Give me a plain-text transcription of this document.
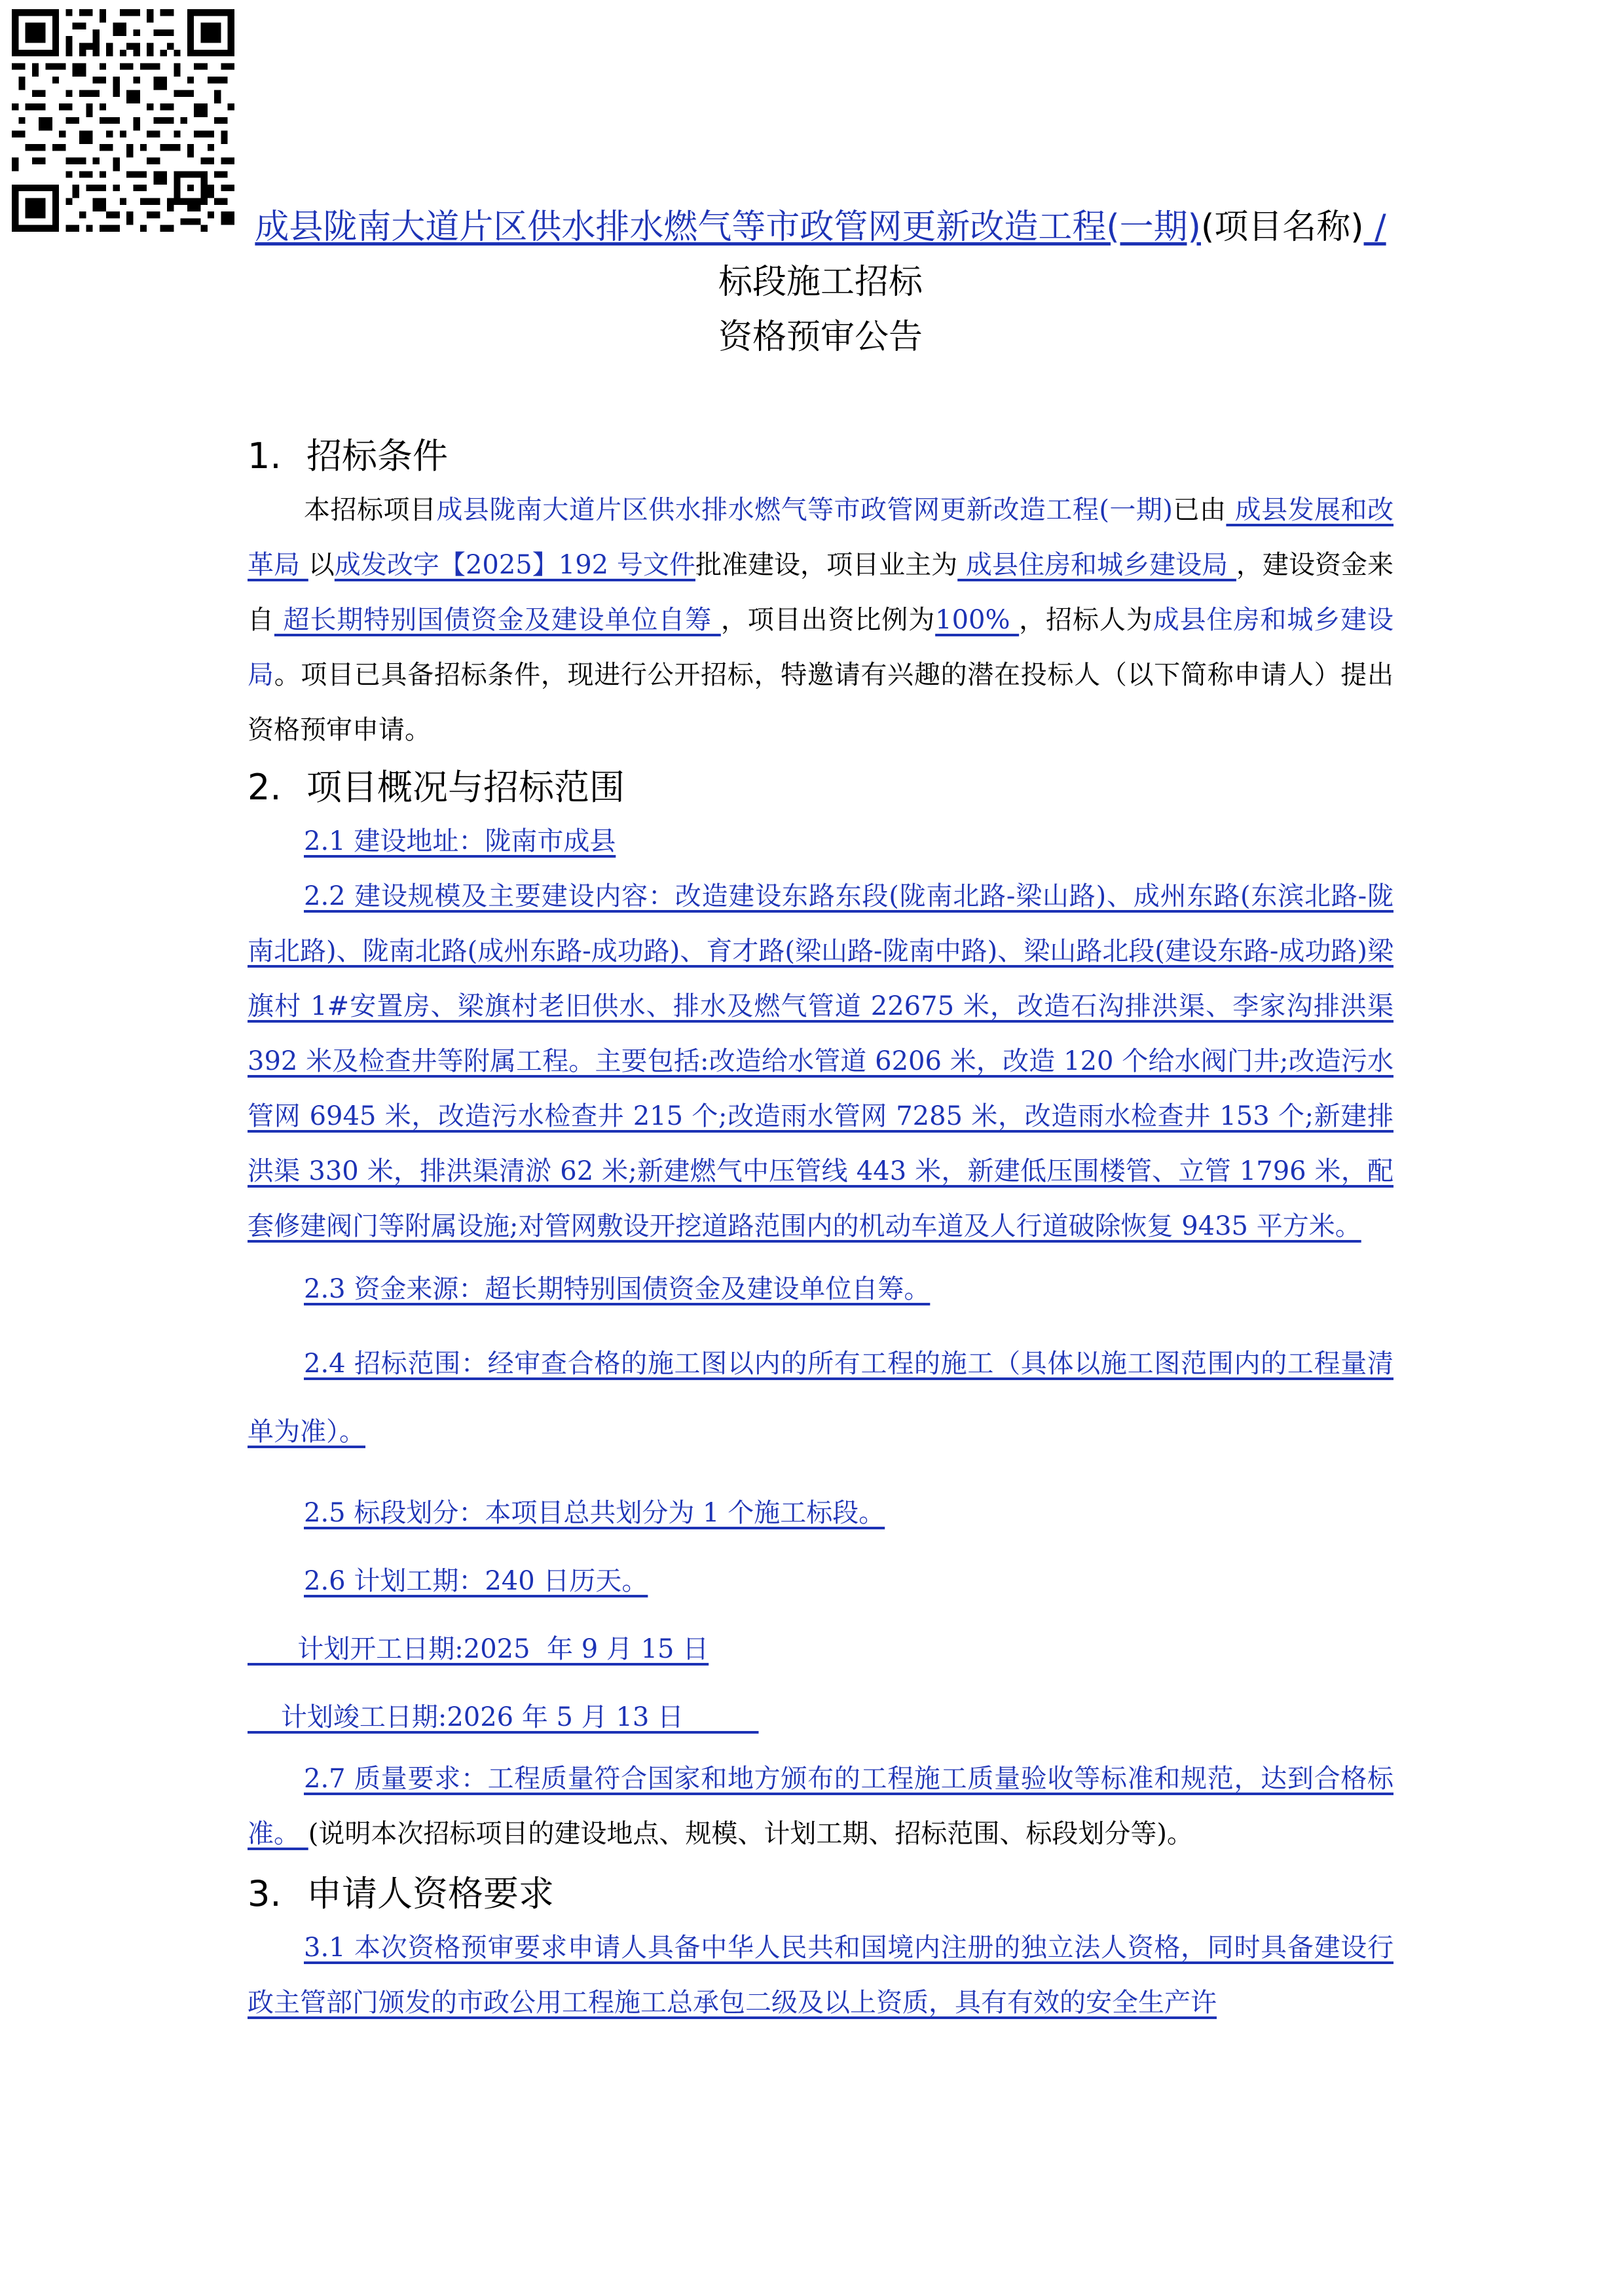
成县陇南大道片区供水排水燃气等市政管网更新改造工程(一期)(项目名称) / 标段施工招标
资格预审公告
1. 招标条件

本招标项目成县陇南大道片区供水排水燃气等市政管网更新改造工程(一期)已由 成县发展和改革局 以成发改字【2025】192 号文件批准建设，项目业主为 成县住房和城乡建设局 ，建设资金来自 超长期特别国债资金及建设单位自筹 ，项目出资比例为100% ，招标人为成县住房和城乡建设局。项目已具备招标条件，现进行公开招标，特邀请有兴趣的潜在投标人（以下简称申请人）提出资格预审申请。

2. 项目概况与招标范围

2.1 建设地址：陇南市成县

2.2 建设规模及主要建设内容：改造建设东路东段(陇南北路-梁山路)、成州东路(东滨北路-陇南北路)、陇南北路(成州东路-成功路)、育才路(梁山路-陇南中路)、梁山路北段(建设东路-成功路)梁旗村 1#安置房、梁旗村老旧供水、排水及燃气管道 22675 米，改造石沟排洪渠、李家沟排洪渠 392 米及检查井等附属工程。主要包括:改造给水管道 6206 米，改造 120 个给水阀门井;改造污水管网 6945 米，改造污水检查井 215 个;改造雨水管网 7285 米，改造雨水检查井 153 个;新建排洪渠 330 米，排洪渠清淤 62 米;新建燃气中压管线 443 米，新建低压围楼管、立管 1796 米，配套修建阀门等附属设施;对管网敷设开挖道路范围内的机动车道及人行道破除恢复 9435 平方米。

2.3 资金来源：超长期特别国债资金及建设单位自筹。

2.4 招标范围：经审查合格的施工图以内的所有工程的施工（具体以施工图范围内的工程量清单为准）。

2.5 标段划分：本项目总共划分为 1 个施工标段。

2.6 计划工期：240 日历天。

计划开工日期:2025  年 9 月 15 日

计划竣工日期:2026 年 5 月 13 日

2.7 质量要求：工程质量符合国家和地方颁布的工程施工质量验收等标准和规范，达到合格标准。 (说明本次招标项目的建设地点、规模、计划工期、招标范围、标段划分等)。

3. 申请人资格要求

3.1 本次资格预审要求申请人具备中华人民共和国境内注册的独立法人资格，同时具备建设行政主管部门颁发的市政公用工程施工总承包二级及以上资质，具有有效的安全生产许
